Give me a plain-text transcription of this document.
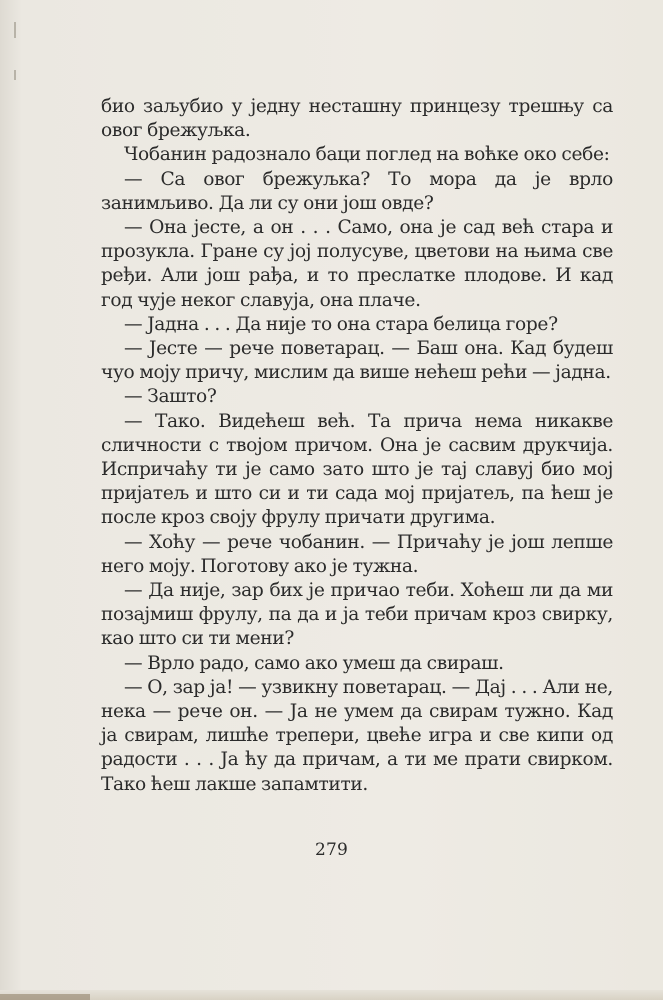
био заљубио у једну несташну принцезу трешњу са овог брежуљка.

Чобанин радознало баци поглед на воћке око себе:

— Са овог брежуљка? То мора да је врло занимљиво. Да ли су они још овде?

— Она јесте, а он . . . Само, она је сад већ стара и прозукла. Гране су јој полусуве, цветови на њима све ређи. Али још рађа, и то преслатке плодове. И кад год чује неког славуја, она плаче.

— Јадна . . . Да није то она стара белица горе?

— Јесте — рече поветарац. — Баш она. Кад будеш чуо моју причу, мислим да више нећеш рећи — јадна.

— Зашто?

— Тако. Видећеш већ. Та прича нема никакве сличности с твојом причом. Она је сасвим друкчија. Испричаћу ти је само зато што је тај славуј био мој пријатељ и што си и ти сада мој пријатељ, па ћеш је после кроз своју фрулу причати другима.

— Хоћу — рече чобанин. — Причаћу је још лепше него мoју. Поготову ако је тужна.

— Да није, зар бих је причао теби. Хоћеш ли да ми позајмиш фрулу, па да и ја теби причам кроз свирку, као што си ти мени?

— Врло радо, само ако умеш да свираш.

— О, зар ја! — узвикну поветарац. — Дај . . . Али не, нека — рече он. — Ја не умем да свирам тужно. Кад ја свирам, лишће трепери, цвеће игра и све кипи од радости . . . Ја ћу да причам, а ти ме прати свирком. Тако ћеш лакше запамтити.

279
